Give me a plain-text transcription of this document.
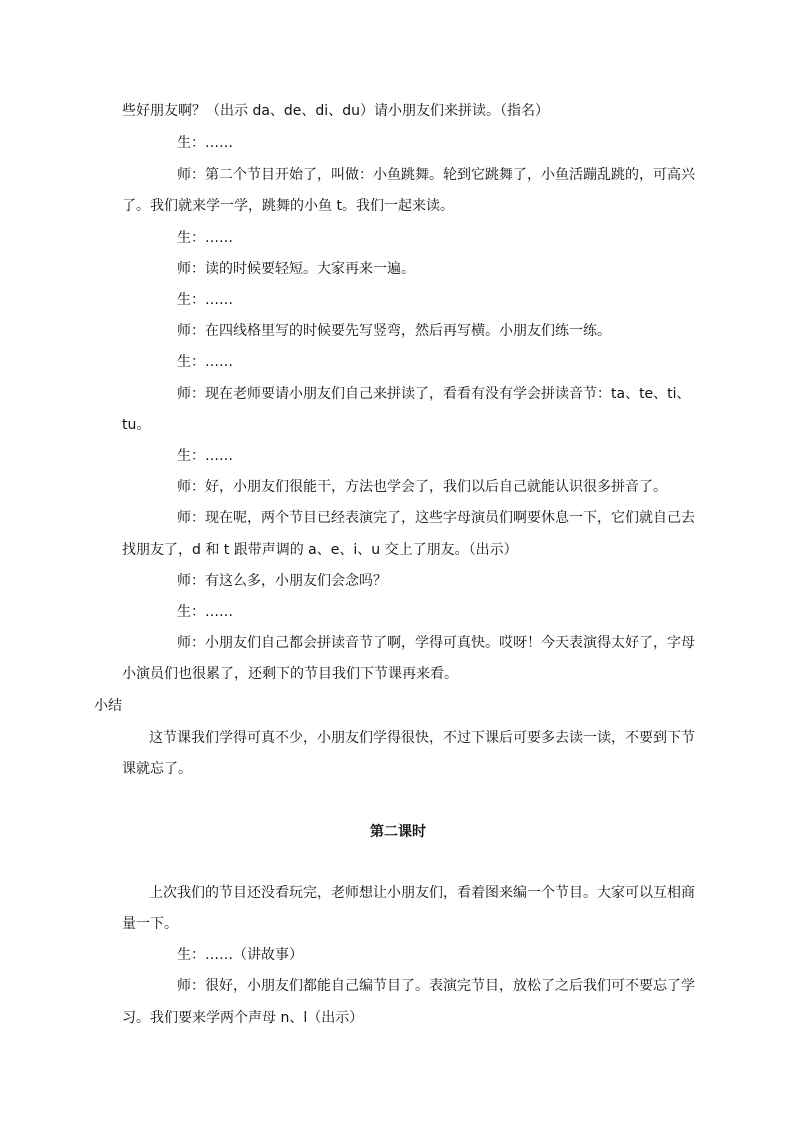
些好朋友啊？（出示 da、de、di、du）请小朋友们来拼读。（指名）
生：……
师：第二个节目开始了，叫做：小鱼跳舞。轮到它跳舞了，小鱼活蹦乱跳的，可高兴
了。我们就来学一学，跳舞的小鱼 t。我们一起来读。
生：……
师：读的时候要轻短。大家再来一遍。
生：……
师：在四线格里写的时候要先写竖弯，然后再写横。小朋友们练一练。
生：……
师：现在老师要请小朋友们自己来拼读了，看看有没有学会拼读音节：ta、te、ti、
tu。
生：……
师：好，小朋友们很能干，方法也学会了，我们以后自己就能认识很多拼音了。
师：现在呢，两个节目已经表演完了，这些字母演员们啊要休息一下，它们就自己去
找朋友了，d 和 t 跟带声调的 a、e、i、u 交上了朋友。（出示）
师：有这么多，小朋友们会念吗？
生：……
师：小朋友们自己都会拼读音节了啊，学得可真快。哎呀！今天表演得太好了，字母
小演员们也很累了，还剩下的节目我们下节课再来看。
小结
这节课我们学得可真不少，小朋友们学得很快，不过下课后可要多去读一读，不要到下节
课就忘了。
第二课时
上次我们的节目还没看玩完，老师想让小朋友们，看着图来编一个节目。大家可以互相商
量一下。
生：……（讲故事）
师：很好，小朋友们都能自己编节目了。表演完节目，放松了之后我们可不要忘了学
习。我们要来学两个声母 n、l（出示）
